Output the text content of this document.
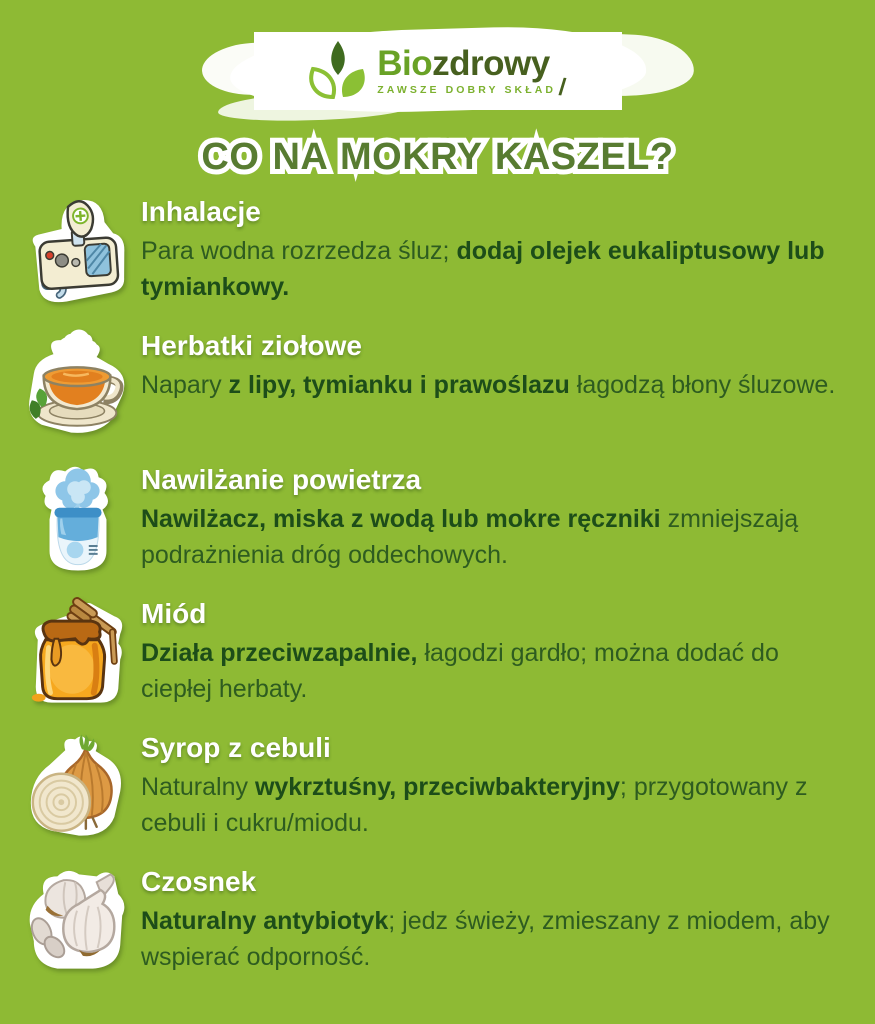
Biozdrowy
ZAWSZE DOBRY SKŁAD /
CO NA MOKRY KASZEL?
Inhalacje
Para wodna rozrzedza śluz; dodaj olejek eukaliptusowy lub tymiankowy.
Herbatki ziołowe
Napary z lipy, tymianku i prawoślazu łagodzą błony śluzowe.
Nawilżanie powietrza
Nawilżacz, miska z wodą lub mokre ręczniki zmniejszają podrażnienia dróg oddechowych.
Miód
Działa przeciwzapalnie, łagodzi gardło; można dodać do ciepłej herbaty.
Syrop z cebuli
Naturalny wykrztuśny, przeciwbakteryjny; przygotowany z cebuli i cukru/miodu.
Czosnek
Naturalny antybiotyk; jedz świeży, zmieszany z miodem, aby wspierać odporność.
